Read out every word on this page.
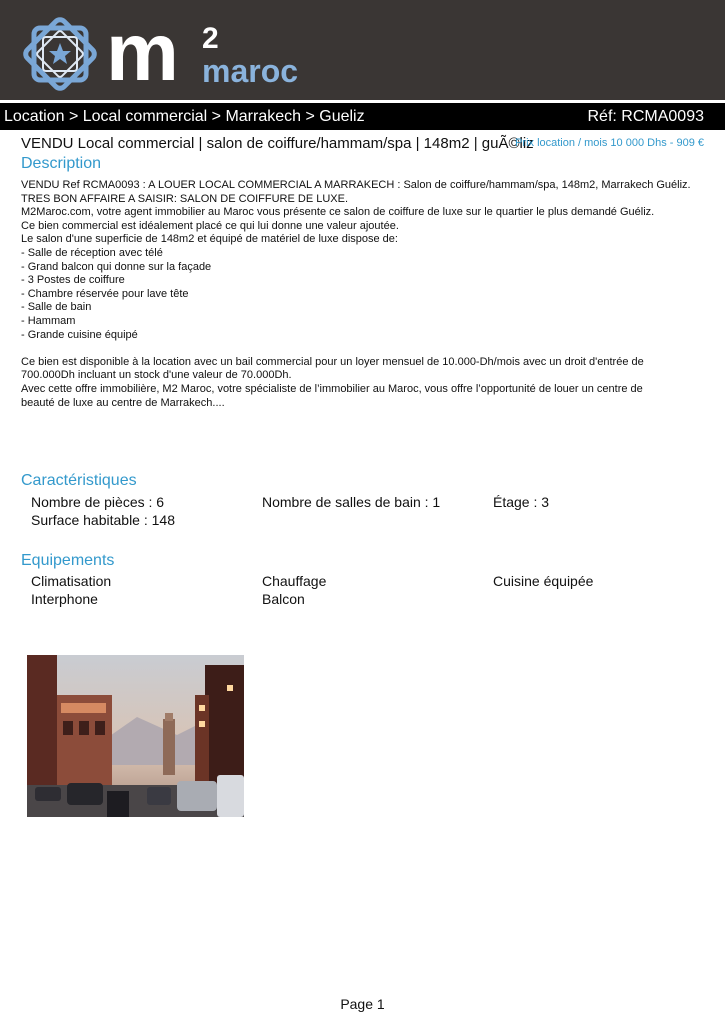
m 2
maroc
Location > Local commercial > Marrakech > Gueliz	Réf: RCMA0093
VENDU Local commercial | salon de coiffure/hammam/spa | 148m2 | guÃ©liz
Prix location / mois 10 000 Dhs - 909 €
Description

VENDU Ref RCMA0093 : A LOUER LOCAL COMMERCIAL A MARRAKECH : Salon de coiffure/hammam/spa, 148m2, Marrakech Guéliz.

TRES BON AFFAIRE A SAISIR: SALON DE COIFFURE DE LUXE.

M2Maroc.com, votre agent immobilier au Maroc vous présente ce salon de coiffure de luxe sur le quartier le plus demandé Guéliz.

Ce bien commercial est idéalement placé ce qui lui donne une valeur ajoutée.

Le salon d'une superficie de 148m2 et équipé de matériel de luxe dispose de:

- Salle de réception avec télé

- Grand balcon qui donne sur la façade

- 3 Postes de coiffure

- Chambre réservée pour lave tête

- Salle de bain

- Hammam

- Grande cuisine équipé

Ce bien est disponible à la location avec un bail commercial pour un loyer mensuel de 10.000-Dh/mois avec un droit d'entrée de

700.000Dh incluant un stock d'une valeur de 70.000Dh.

Avec cette offre immobilière, M2 Maroc, votre spécialiste de l’immobilier au Maroc, vous offre l’opportunité de louer un centre de

beauté de luxe au centre de Marrakech....

Caractéristiques
Nombre de pièces : 6	Nombre de salles de bain : 1	Étage : 3
Surface habitable : 148
Equipements
Climatisation	Chauffage	Cuisine équipée
Interphone	Balcon
Page 1
